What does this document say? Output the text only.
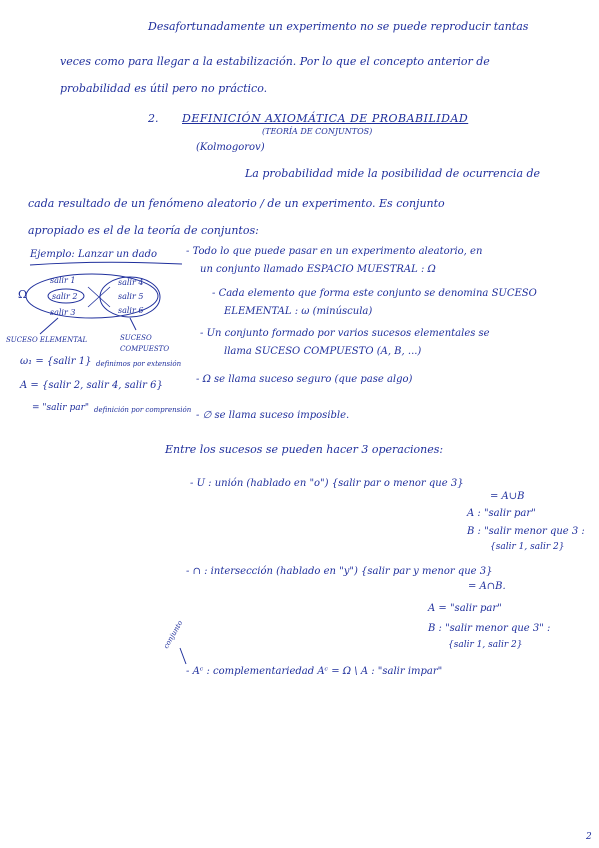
Desafortunadamente un experimento no se puede reproducir tantas
veces como para llegar a la estabilización. Por lo que el concepto anterior de
probabilidad es útil pero no práctico.
2. DEFINICIÓN AXIOMÁTICA DE PROBABILIDAD
(TEORÍA DE CONJUNTOS)
(Kolmogorov)
La probabilidad mide la posibilidad de ocurrencia de
cada resultado de un fenómeno aleatorio / de un experimento. Es conjunto
apropiado es el de la teoría de conjuntos:
Ejemplo: Lanzar un dado
Ω
salir 1
salir 2
salir 3
salir 4
salir 5
salir 6
SUCESO ELEMENTAL	SUCESO COMPUESTO
ω₁ = {salir 1} definimos por extensión
A = {salir 2, salir 4, salir 6}
= "salir par" definición por comprensión
- Todo lo que puede pasar en un experimento aleatorio, en
un conjunto llamado ESPACIO MUESTRAL : Ω
- Cada elemento que forma este conjunto se denomina SUCESO
ELEMENTAL : ω (minúscula)
- Un conjunto formado por varios sucesos elementales se
llama SUCESO COMPUESTO (A, B, ...)
- Ω se llama suceso seguro (que pase algo)
- ∅ se llama suceso imposible.
Entre los sucesos se pueden hacer 3 operaciones:
- U : unión (hablado en "o") {salir par o menor que 3}
= A∪B
A : "salir par"
B : "salir menor que 3 :
{salir 1, salir 2}
- ∩ : intersección (hablado en "y") {salir par y menor que 3}
= A∩B.
A = "salir par"
B : "salir menor que 3" :
{salir 1, salir 2}
conjunto
- Aᶜ : complementariedad Aᶜ = Ω \ A : "salir impar"
2
